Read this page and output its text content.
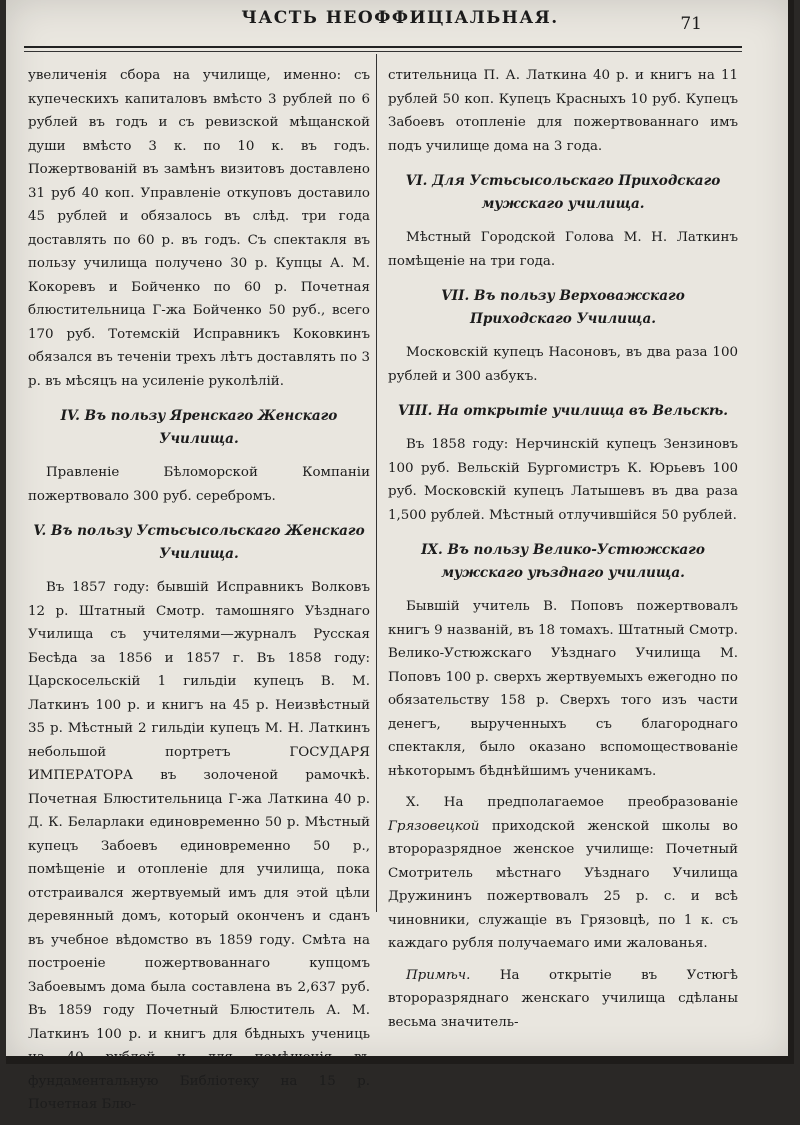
ЧАСТЬ НЕОФФИЦІАЛЬНАЯ.	71

увеличенія сбора на училище, именно: съ купеческихъ капиталовъ вмѣсто 3 рублей по 6 рублей въ годъ и съ ревизской мѣщанской души вмѣсто 3 к. по 10 к. въ годъ. Пожертвованій въ замѣнъ визитовъ доставлено 31 руб 40 коп. Управленіе откуповъ доставило 45 рублей и обязалось въ слѣд. три года доставлять по 60 р. въ годъ. Съ спектакля въ пользу училища получено 30 р. Купцы А. М. Кокоревъ и Бойченко по 60 р. Почетная блюстительница Г-жа Бойченко 50 руб., всего 170 руб. Тотемскій Исправникъ Коковкинъ обязался въ теченіи трехъ лѣтъ доставлять по 3 р. въ мѣсяцъ на усиленіе руколѣлій.

IV. Въ пользу Яренскаго Женскаго Училища.

Правленіе Бѣломорской Компаніи пожертвовало 300 руб. серебромъ.

V. Въ пользу Устьсысольскаго Женскаго Училища.

Въ 1857 году: бывшій Исправникъ Волковъ 12 р. Штатный Смотр. тамошняго Уѣзднаго Училища съ учителями—журналъ Русская Бесѣда за 1856 и 1857 г. Въ 1858 году: Царскосельскій 1 гильдіи купецъ В. М. Латкинъ 100 р. и книгъ на 45 р. Неизвѣстный 35 р. Мѣстный 2 гильдіи купецъ М. Н. Латкинъ небольшой портретъ ГОСУДАРЯ ИМПЕРАТОРА въ золоченой рамочкѣ. Почетная Блюстительница Г-жа Латкина 40 р. Д. К. Беларлаки единовременно 50 р. Мѣстный купецъ Забоевъ единовременно 50 р., помѣщеніе и отопленіе для училища, пока отстраивался жертвуемый имъ для этой цѣли деревянный домъ, который оконченъ и сданъ въ учебное вѣдомство въ 1859 году. Смѣта на построеніе пожертвованнаго купцомъ Забоевымъ дома была составлена въ 2,637 руб. Въ 1859 году Почетный Блюститель А. М. Латкинъ 100 р. и книгъ для бѣдныхъ учениць фундаментальную Библіотеку на 15 р. Почетная Блю-

стительница П. А. Латкина 40 р. и книгъ на 11 рублей 50 коп. Купецъ Красныхъ 10 руб. Купецъ Забоевъ отопленіе для пожертвованнаго имъ подъ училище дома на 3 года.

VI. Для Устьсысольскаго Приходскаго мужскаго училища.

Мѣстный Городской Голова М. Н. Латкинъ помѣщеніе на три года.

VII. Въ пользу Верховажскаго Приходскаго Училища.

Московскій купецъ Насоновъ, въ два раза 100 рублей и 300 азбукъ.

VIII. На открытіе училища въ Вельскѣ.

Въ 1858 году: Нерчинскій купецъ Зензиновъ 100 руб. Вельскій Бургомистръ К. Юрьевъ 100 руб. Московскій купецъ Латышевъ въ два раза 1,500 рублей. Мѣстный отлучившійся 50 рублей.

IX. Въ пользу Велико-Устюжскаго мужскаго уѣзднаго училища.

Бывшій учитель В. Поповъ пожертвовалъ книгъ 9 названій, въ 18 томахъ. Штатный Смотр. Велико-Устюжскаго Уѣзднаго Училища М. Поповъ 100 р. сверхъ жертвуемыхъ ежегодно по обязательству 158 р. Сверхъ того изъ части денегъ, вырученныхъ съ благороднаго спектакля, было оказано вспомоществованіе нѣкоторымъ бѣднѣйшимъ ученикамъ.

X. На предполагаемое преобразованіе Грязовецкой приходской женской школы во второразрядное женское училище: Почетный Смотритель мѣстнаго Уѣзднаго Училища Дружининъ пожертвовалъ 25 р. с. и всѣ чиновники, служащіе въ Грязовцѣ, по 1 к. съ каждаго рубля получаемаго ими жалованья.

Примѣч. На открытіе въ Устюгѣ второразряднаго женскаго училища сдѣланы весьма значитель-
